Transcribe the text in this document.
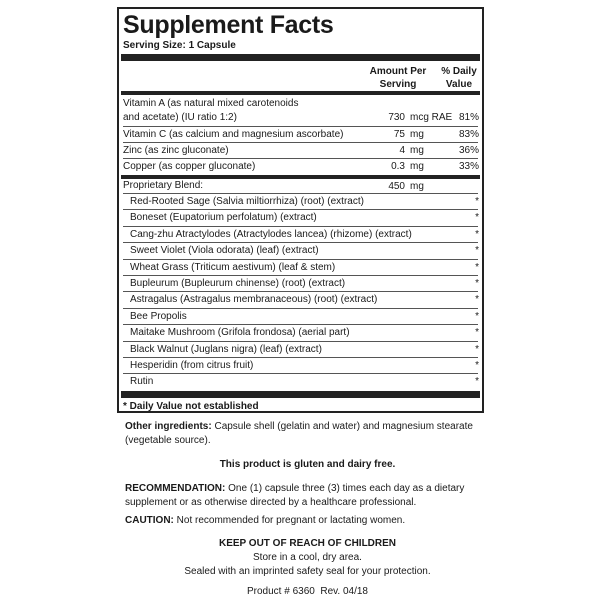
Supplement Facts
Serving Size: 1 Capsule
Amount Per
Serving
% Daily
Value
Vitamin A (as natural mixed carotenoids
and acetate) (IU ratio 1:2)	730 mcg RAE 81%
Vitamin C (as calcium and magnesium ascorbate)	75 mg	83%
Zinc (as zinc gluconate)	4 mg	36%
Copper (as copper gluconate)	0.3 mg	33%
Proprietary Blend:	450 mg
Red-Rooted Sage (Salvia miltiorrhiza) (root) (extract)	*
Boneset (Eupatorium perfolatum) (extract)	*
Cang-zhu Atractylodes (Atractylodes lancea) (rhizome) (extract)	*
Sweet Violet (Viola odorata) (leaf) (extract)	*
Wheat Grass (Triticum aestivum) (leaf & stem)	*
Bupleurum (Bupleurum chinense) (root) (extract)	*
Astragalus (Astragalus membranaceous) (root) (extract)	*
Bee Propolis	*
Maitake Mushroom (Grifola frondosa) (aerial part)	*
Black Walnut (Juglans nigra) (leaf) (extract)	*
Hesperidin (from citrus fruit)	*
Rutin	*
* Daily Value not established
Other ingredients: Capsule shell (gelatin and water) and magnesium stearate (vegetable source).
This product is gluten and dairy free.
RECOMMENDATION: One (1) capsule three (3) times each day as a dietary supplement or as otherwise directed by a healthcare professional.
CAUTION: Not recommended for pregnant or lactating women.
KEEP OUT OF REACH OF CHILDREN
Store in a cool, dry area.
Sealed with an imprinted safety seal for your protection.
Product # 6360  Rev. 04/18
